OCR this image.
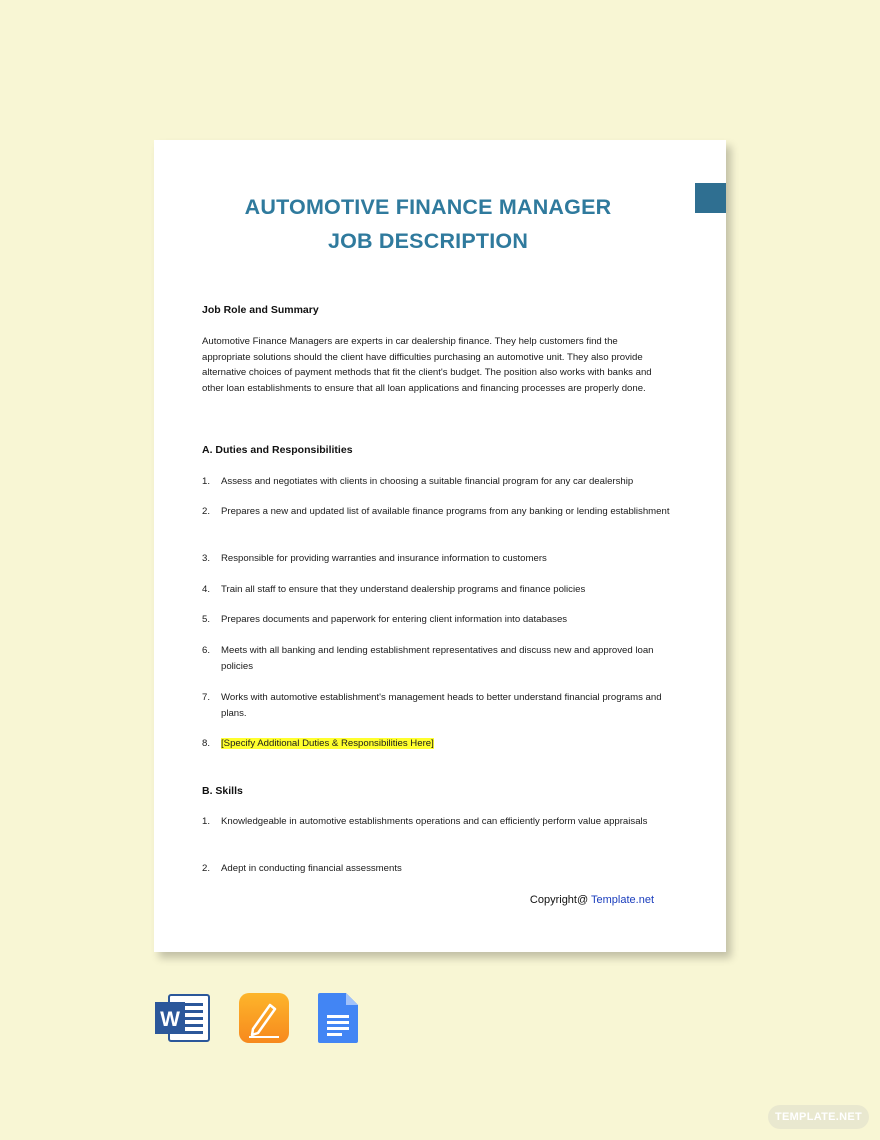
AUTOMOTIVE FINANCE MANAGER
JOB DESCRIPTION
Job Role and Summary
Automotive Finance Managers are experts in car dealership finance. They help customers find the appropriate solutions should the client have difficulties purchasing an automotive unit. They also provide alternative choices of payment methods that fit the client's budget. The position also works with banks and other loan establishments to ensure that all loan applications and financing processes are properly done.
A. Duties and Responsibilities
1.	Assess and negotiates with clients in choosing a suitable financial program for any car dealership
2.	Prepares a new and updated list of available finance programs from any banking or lending establishment
3.	Responsible for providing warranties and insurance information to customers
4.	Train all staff to ensure that they understand dealership programs and finance policies
5.	Prepares documents and paperwork for entering client information into databases
6.	Meets with all banking and lending establishment representatives and discuss new and approved loan policies
7.	Works with automotive establishment's management heads to better understand financial programs and plans.
8.	[Specify Additional Duties & Responsibilities Here]
B. Skills
1.	Knowledgeable in automotive establishments operations and can efficiently perform value appraisals
2.	Adept in conducting financial assessments
Copyright@ Template.net
W
TEMPLATE.NET
